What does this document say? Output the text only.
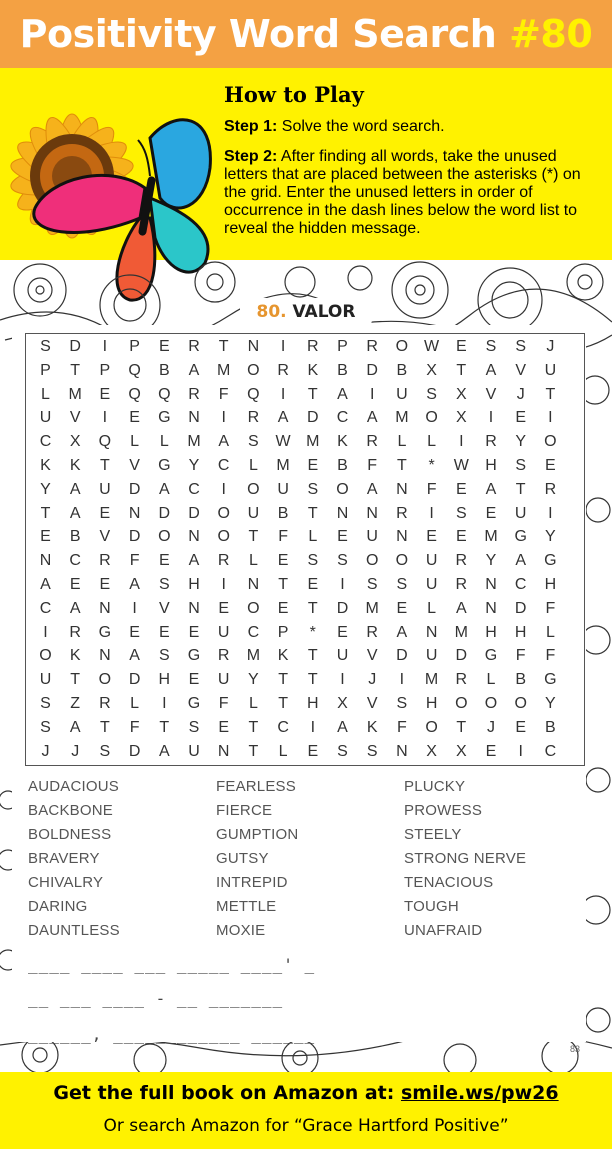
Positivity Word Search #80
How to Play
Step 1: Solve the word search.
Step 2: After finding all words, take the unused letters that are placed between the asterisks (*) on the grid. Enter the unused letters in order of occurrence in the dash lines below the word list to reveal the hidden message.
80. VALOR
S	D	I	P	E	R	T	N	I	R	P	R	O W	E	S	S	J
P	T	P	Q	B	A	M	O	R	K	B	D	B	X	T	A	V	U
L	M	E	Q	Q	R	F	Q	I	T	A	I	U	S	X	V	J	T
U	V	I	E	G	N	I	R	A	D	C	A	M	O	X	I	E	I
C	X	Q	L	L	M	A	S	W M	K	R	L	L	I	R	Y	O
K	K	T	V	G	Y	C	L	M	E	B	F	T	*	W	H	S	E
Y	A	U	D	A	C	I	O	U	S	O	A	N	F	E	A	T	R
T	A	E	N	D	D	O	U	B	T	N	N	R	I	S	E	U	I
E	B	V	D	O	N	O	T	F	L	E	U	N	E	E	M	G	Y
N	C	R	F	E	A	R	L	E	S	S	O	O	U	R	Y	A	G
A	E	E	A	S	H	I	N	T	E	I	S	S	U	R	N	C	H
C	A	N	I	V	N	E	O	E	T	D	M	E	L	A	N	D	F
I	R	G	E	E	E	U	C	P	*	E	R	A	N	M	H	H	L
O	K	N	A	S	G	R	M	K	T	U	V	D	U	D	G	F	F
U	T	O	D	H	E	U	Y	T	T	I	J	I	M	R	L	B	G
S	Z	R	L	I	G	F	L	T	H	X	V	S	H	O	O	O	Y
S	A	T	F	T	S	E	T	C	I	A	K	F	O	T	J	E	B
J	J	S	D	A	U	N	T	L	E	S	S	N	X	X	E	I	C
AUDACIOUS
BACKBONE
BOLDNESS
BRAVERY
CHIVALRY
DARING
DAUNTLESS
FEARLESS
FIERCE
GUMPTION
GUTSY
INTREPID
METTLE
MOXIE
PLUCKY
PROWESS
STEELY
STRONG NERVE
TENACIOUS
TOUGH
UNAFRAID
____ ____ ___ _____ ____' _
__ ___ ____ - __ _______
______, ____________ ______
83
Get the full book on Amazon at: smile.ws/pw26
Or search Amazon for “Grace Hartford Positive”
